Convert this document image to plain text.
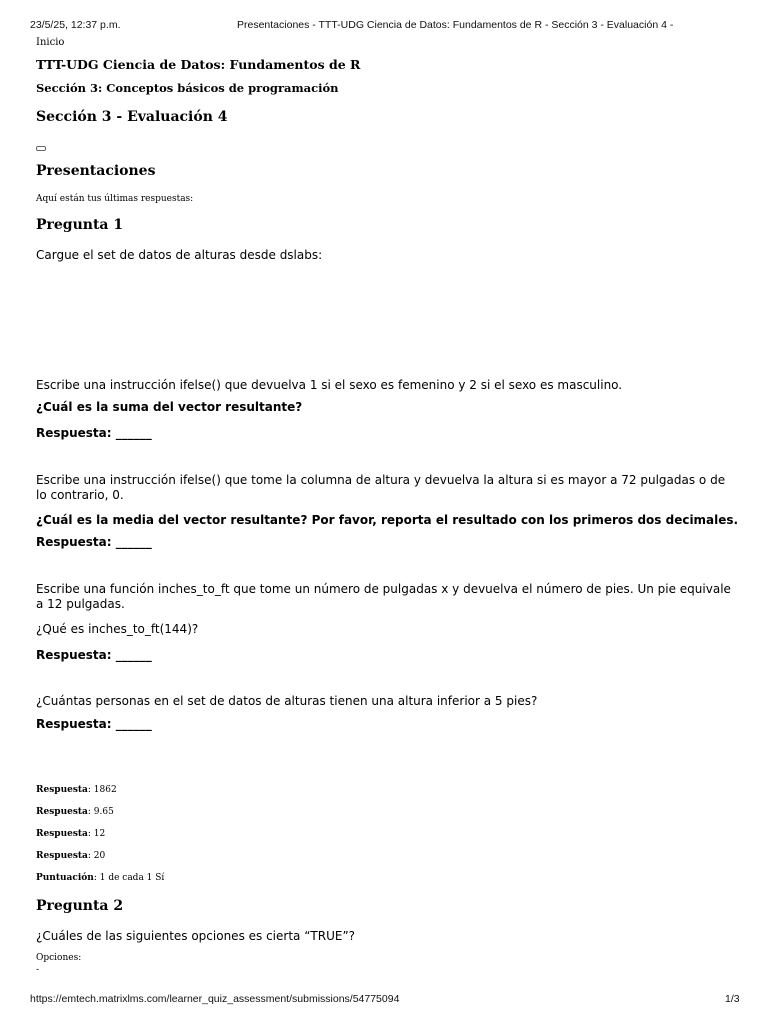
23/5/25, 12:37 p.m.	Presentaciones - TTT-UDG Ciencia de Datos: Fundamentos de R - Sección 3 - Evaluación 4 -
Inicio
TTT-UDG Ciencia de Datos: Fundamentos de R
Sección 3: Conceptos básicos de programación
Sección 3 - Evaluación 4
Presentaciones
Aquí están tus últimas respuestas:
Pregunta 1
Cargue el set de datos de alturas desde dslabs:
Escribe una instrucción ifelse() que devuelva 1 si el sexo es femenino y 2 si el sexo es masculino.
¿Cuál es la suma del vector resultante?
Respuesta: ______
Escribe una instrucción ifelse() que tome la columna de altura y devuelva la altura si es mayor a 72 pulgadas o de lo contrario, 0.
¿Cuál es la media del vector resultante? Por favor, reporta el resultado con los primeros dos decimales.
Respuesta: ______
Escribe una función inches_to_ft que tome un número de pulgadas x y devuelva el número de pies. Un pie equivale a 12 pulgadas.
¿Qué es inches_to_ft(144)?
Respuesta: ______
¿Cuántas personas en el set de datos de alturas tienen una altura inferior a 5 pies?
Respuesta: ______
Respuesta: 1862
Respuesta: 9.65
Respuesta: 12
Respuesta: 20
Puntuación: 1 de cada 1 Sí
Pregunta 2
¿Cuáles de las siguientes opciones es cierta “TRUE”?
Opciones:
-
https://emtech.matrixlms.com/learner_quiz_assessment/submissions/54775094	1/3
